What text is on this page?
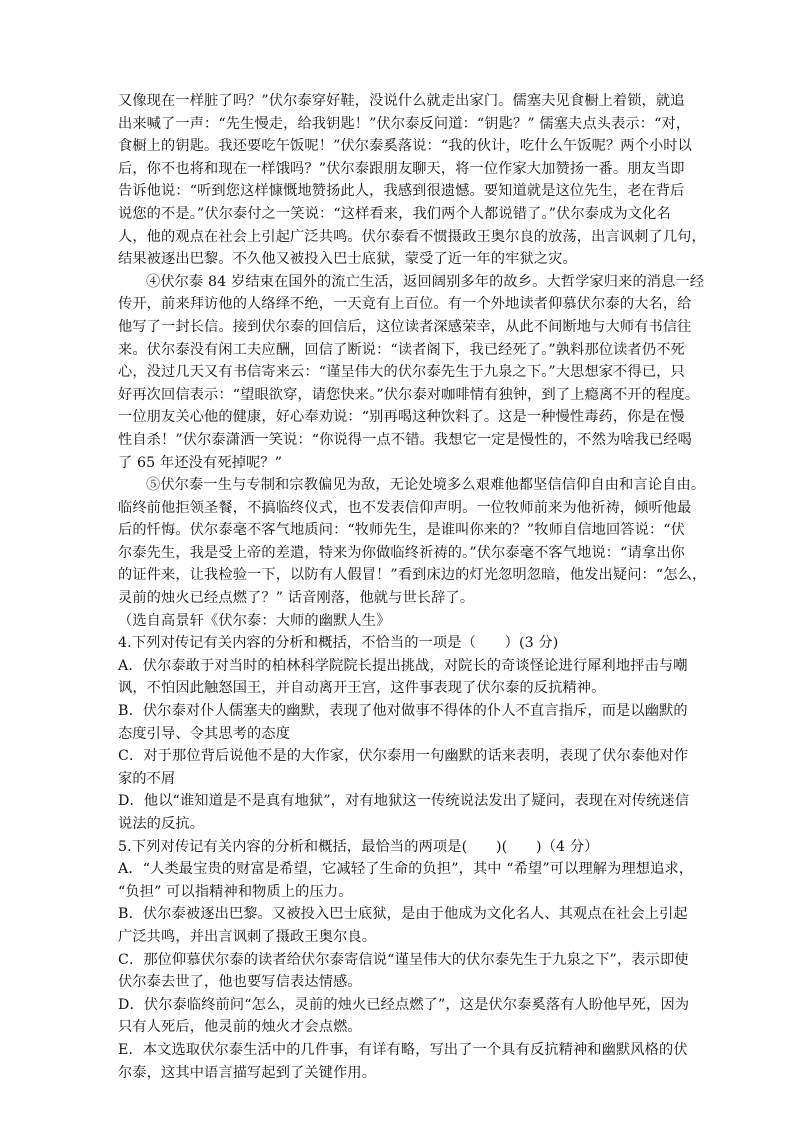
又像现在一样脏了吗？”伏尔泰穿好鞋，没说什么就走出家门。儒塞夫见食橱上着锁，就追
出来喊了一声：“先生慢走，给我钥匙！”伏尔泰反问道：“钥匙？” 儒塞夫点头表示：“对，
食橱上的钥匙。我还要吃午饭呢！”伏尔泰奚落说：“我的伙计，吃什么午饭呢？两个小时以
后，你不也将和现在一样饿吗？”伏尔泰跟朋友聊天，将一位作家大加赞扬一番。朋友当即
告诉他说：“听到您这样慷慨地赞扬此人，我感到很遗憾。要知道就是这位先生，老在背后
说您的不是。”伏尔泰付之一笑说：“这样看来，我们两个人都说错了。”伏尔泰成为文化名
人，他的观点在社会上引起广泛共鸣。伏尔泰看不惯摄政王奥尔良的放荡，出言讽刺了几句，
结果被逐出巴黎。不久他又被投入巴士底狱，蒙受了近一年的牢狱之灾。
④伏尔泰 84 岁结束在国外的流亡生活，返回阔别多年的故乡。大哲学家归来的消息一经
传开，前来拜访他的人络绎不绝，一天竟有上百位。有一个外地读者仰慕伏尔泰的大名，给
他写了一封长信。接到伏尔泰的回信后，这位读者深感荣幸，从此不间断地与大师有书信往
来。伏尔泰没有闲工夫应酬，回信了断说：“读者阁下，我已经死了。”孰料那位读者仍不死
心，没过几天又有书信寄来云：“谨呈伟大的伏尔泰先生于九泉之下。”大思想家不得已，只
好再次回信表示：“望眼欲穿，请您快来。”伏尔泰对咖啡情有独钟，到了上瘾离不开的程度。
一位朋友关心他的健康，好心奉劝说：“别再喝这种饮料了。这是一种慢性毒药，你是在慢
性自杀！”伏尔泰潇洒一笑说：“你说得一点不错。我想它一定是慢性的，不然为啥我已经喝
了 65 年还没有死掉呢？”
⑤伏尔泰一生与专制和宗教偏见为敌，无论处境多么艰难他都坚信信仰自由和言论自由。
临终前他拒领圣餐，不搞临终仪式，也不发表信仰声明。一位牧师前来为他祈祷，倾听他最
后的忏悔。伏尔泰毫不客气地质问：“牧师先生，是谁叫你来的？”牧师自信地回答说：“伏
尔泰先生，我是受上帝的差遣，特来为你做临终祈祷的。”伏尔泰毫不客气地说：“请拿出你
的证件来，让我检验一下，以防有人假冒！”看到床边的灯光忽明忽暗，他发出疑问：“怎么，
灵前的烛火已经点燃了？” 话音刚落，他就与世长辞了。
（选自高景轩《伏尔泰：大师的幽默人生》
4.下列对传记有关内容的分析和概括，不恰当的一项是（　　）(3 分)
A．伏尔泰敢于对当时的柏林科学院院长提出挑战，对院长的奇谈怪论进行犀利地抨击与嘲
讽，不怕因此触怒国王，并自动离开王宫，这件事表现了伏尔泰的反抗精神。
B．伏尔泰对仆人儒塞夫的幽默，表现了他对做事不得体的仆人不直言指斥，而是以幽默的
态度引导、令其思考的态度
C．对于那位背后说他不是的大作家，伏尔泰用一句幽默的话来表明，表现了伏尔泰他对作
家的不屑
D．他以“谁知道是不是真有地狱”，对有地狱这一传统说法发出了疑问，表现在对传统迷信
说法的反抗。
5.下列对传记有关内容的分析和概括，最恰当的两项是(　　)(　　)（4 分）
A．“人类最宝贵的财富是希望，它减轻了生命的负担”，其中 “希望”可以理解为理想追求，
“负担” 可以指精神和物质上的压力。
B．伏尔泰被逐出巴黎。又被投入巴士底狱，是由于他成为文化名人、其观点在社会上引起
广泛共鸣，并出言讽刺了摄政王奥尔良。
C．那位仰慕伏尔泰的读者给伏尔泰寄信说“谨呈伟大的伏尔泰先生于九泉之下”，表示即使
伏尔泰去世了，他也要写信表达情感。
D．伏尔泰临终前问“怎么，灵前的烛火已经点燃了”，这是伏尔泰奚落有人盼他早死，因为
只有人死后，他灵前的烛火才会点燃。
E．本文选取伏尔泰生活中的几件事，有详有略，写出了一个具有反抗精神和幽默风格的伏
尔泰，这其中语言描写起到了关键作用。
